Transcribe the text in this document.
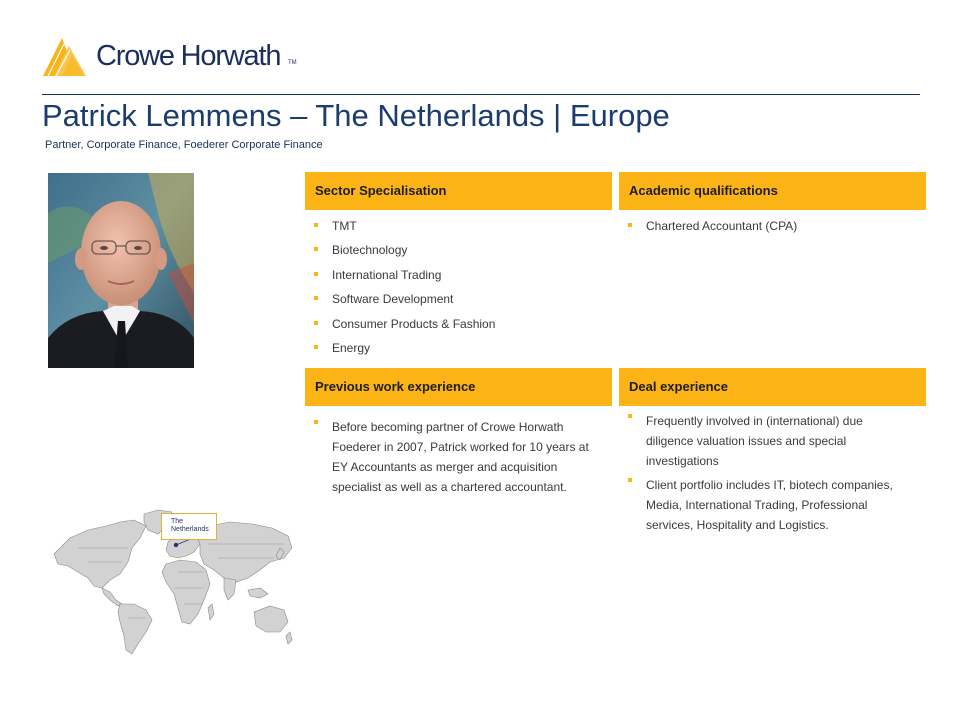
Crowe Horwath TM
Patrick Lemmens – The Netherlands | Europe
Partner, Corporate Finance, Foederer Corporate Finance
Sector Specialisation
TMT
Biotechnology
International Trading
Software Development
Consumer Products & Fashion
Energy
Academic qualifications
Chartered Accountant (CPA)
Previous work experience
Before becoming partner of Crowe Horwath Foederer in 2007, Patrick worked for 10 years at EY Accountants as merger and acquisition specialist as well as a chartered accountant.
Deal experience
Frequently involved in (international) due diligence valuation issues and special investigations
Client portfolio includes IT, biotech companies, Media, International Trading, Professional services, Hospitality and Logistics.
The
Netherlands
